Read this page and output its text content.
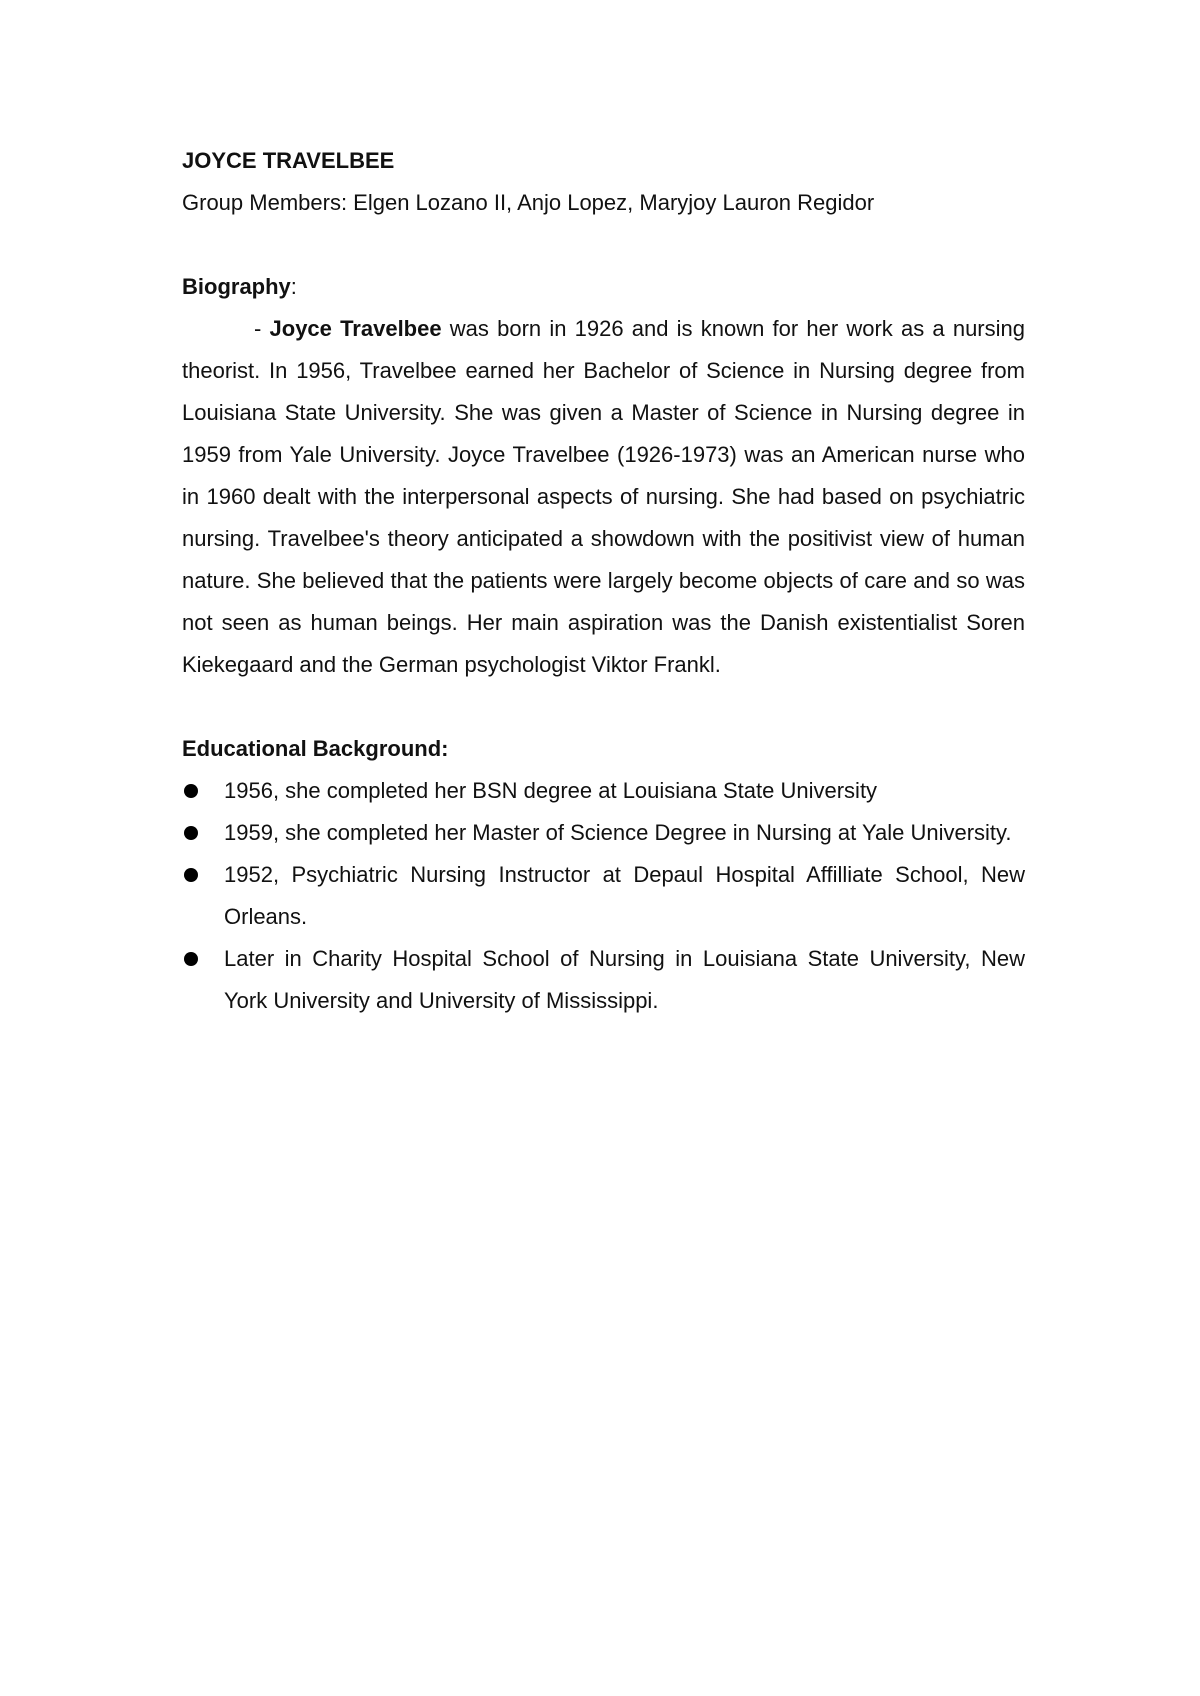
JOYCE TRAVELBEE

Group Members: Elgen Lozano II, Anjo Lopez, Maryjoy Lauron Regidor

Biography:

- Joyce Travelbee was born in 1926 and is known for her work as a nursing theorist. In 1956, Travelbee earned her Bachelor of Science in Nursing degree from Louisiana State University. She was given a Master of Science in Nursing degree in 1959 from Yale University. Joyce Travelbee (1926-1973) was an American nurse who in 1960 dealt with the interpersonal aspects of nursing. She had based on psychiatric nursing. Travelbee's theory anticipated a showdown with the positivist view of human nature. She believed that the patients were largely become objects of care and so was not seen as human beings. Her main aspiration was the Danish existentialist Soren Kiekegaard and the German psychologist Viktor Frankl.

Educational Background:

1956, she completed her BSN degree at Louisiana State University
1959, she completed her Master of Science Degree in Nursing at Yale University.
1952, Psychiatric Nursing Instructor at Depaul Hospital Affilliate School, New Orleans.
Later in Charity Hospital School of Nursing in Louisiana State University, New York University and University of Mississippi.
